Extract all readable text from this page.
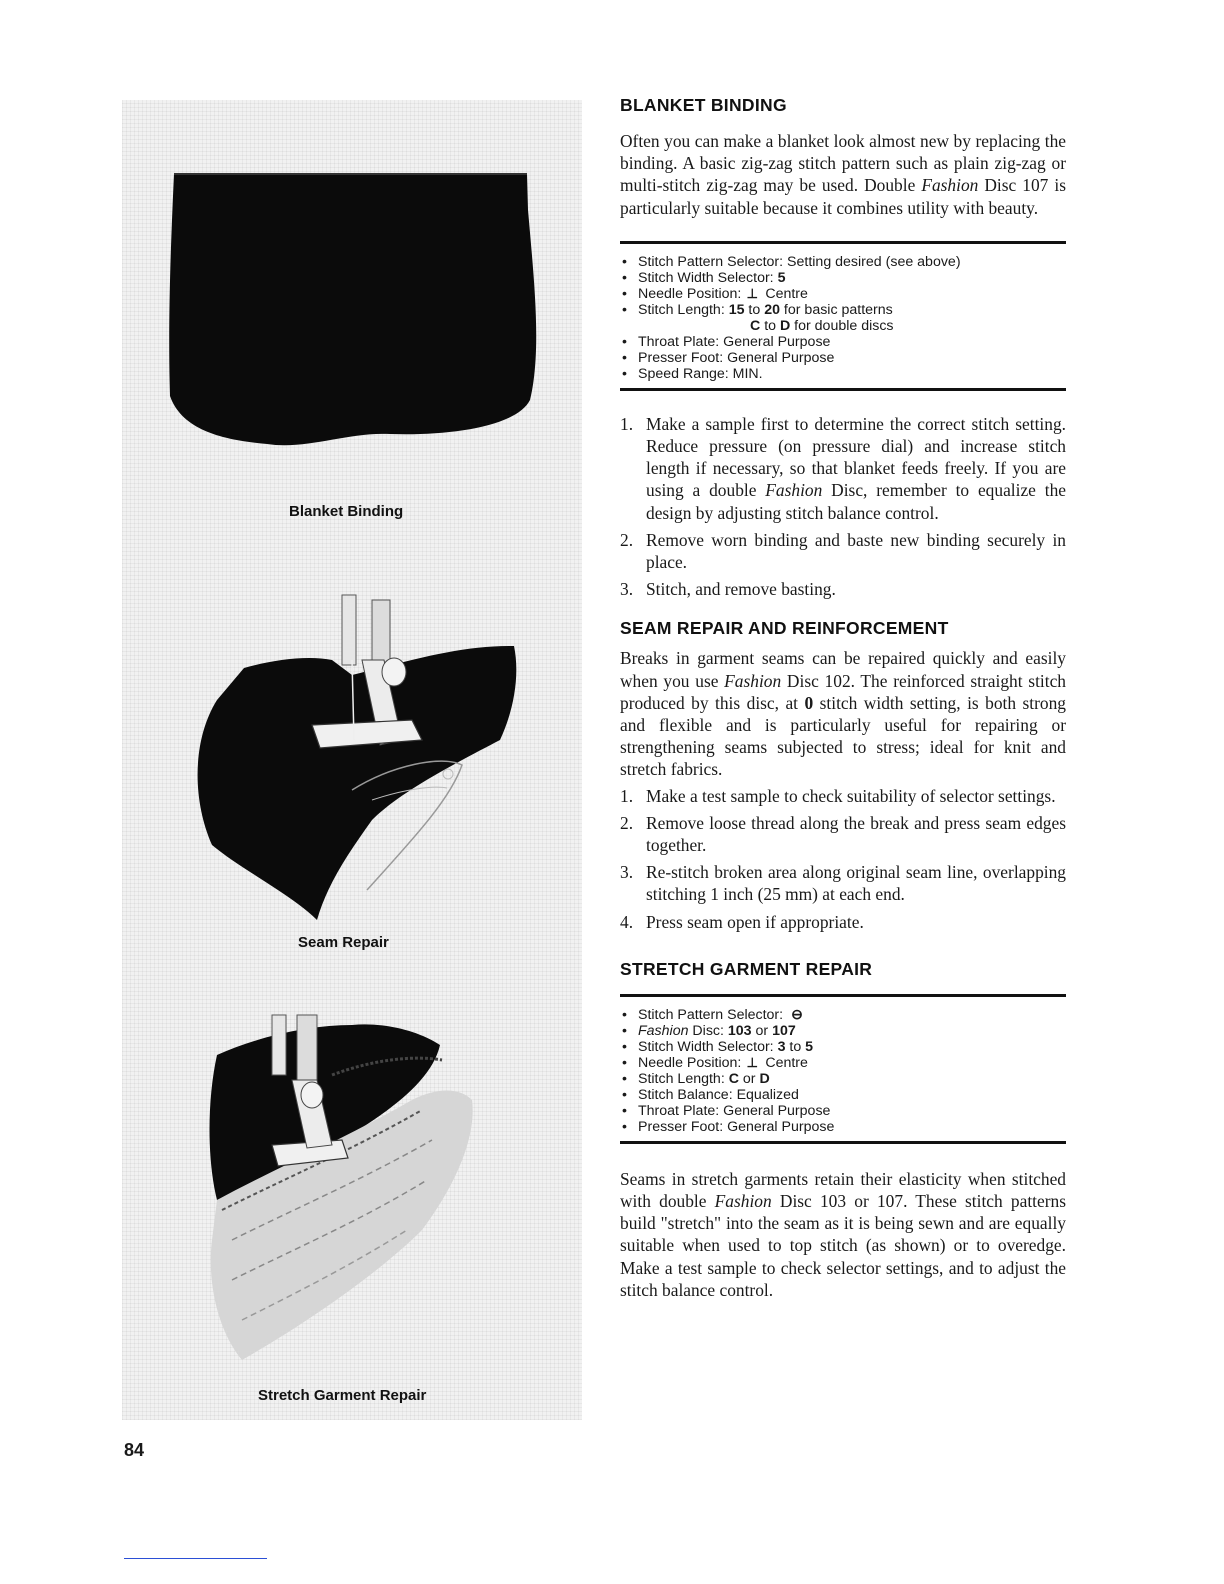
Blanket Binding
Seam Repair
Stretch Garment Repair
84
BLANKET BINDING

Often you can make a blanket look almost new by replacing the binding. A basic zig-zag stitch pattern such as plain zig-zag or multi-stitch zig-zag may be used. Double Fashion Disc 107 is particularly suitable because it combines utility with beauty.

• Stitch Pattern Selector: Setting desired (see above)
• Stitch Width Selector: 5
• Needle Position: ⊥ Centre
• Stitch Length: 15 to 20 for basic patterns
C to D for double discs
• Throat Plate: General Purpose
• Presser Foot: General Purpose
• Speed Range: MIN.
1. Make a sample first to determine the correct stitch setting. Reduce pressure (on pressure dial) and increase stitch length if necessary, so that blanket feeds freely. If you are using a double Fashion Disc, remember to equalize the design by adjusting stitch balance control.
2. Remove worn binding and baste new binding securely in place.
3. Stitch, and remove basting.
SEAM REPAIR AND REINFORCEMENT

Breaks in garment seams can be repaired quickly and easily when you use Fashion Disc 102. The reinforced straight stitch produced by this disc, at 0 stitch width setting, is both strong and flexible and is particularly useful for repairing or strengthening seams subjected to stress; ideal for knit and stretch fabrics.

1. Make a test sample to check suitability of selector settings.
2. Remove loose thread along the break and press seam edges together.
3. Re-stitch broken area along original seam line, overlapping stitching 1 inch (25 mm) at each end.
4. Press seam open if appropriate.
STRETCH GARMENT REPAIR
• Stitch Pattern Selector: ⊖
• Fashion Disc: 103 or 107
• Stitch Width Selector: 3 to 5
• Needle Position: ⊥ Centre
• Stitch Length: C or D
• Stitch Balance: Equalized
• Throat Plate: General Purpose
• Presser Foot: General Purpose

Seams in stretch garments retain their elasticity when stitched with double Fashion Disc 103 or 107. These stitch patterns build "stretch" into the seam as it is being sewn and are equally suitable when used to top stitch (as shown) or to overedge. Make a test sample to check selector settings, and to adjust the stitch balance control.
